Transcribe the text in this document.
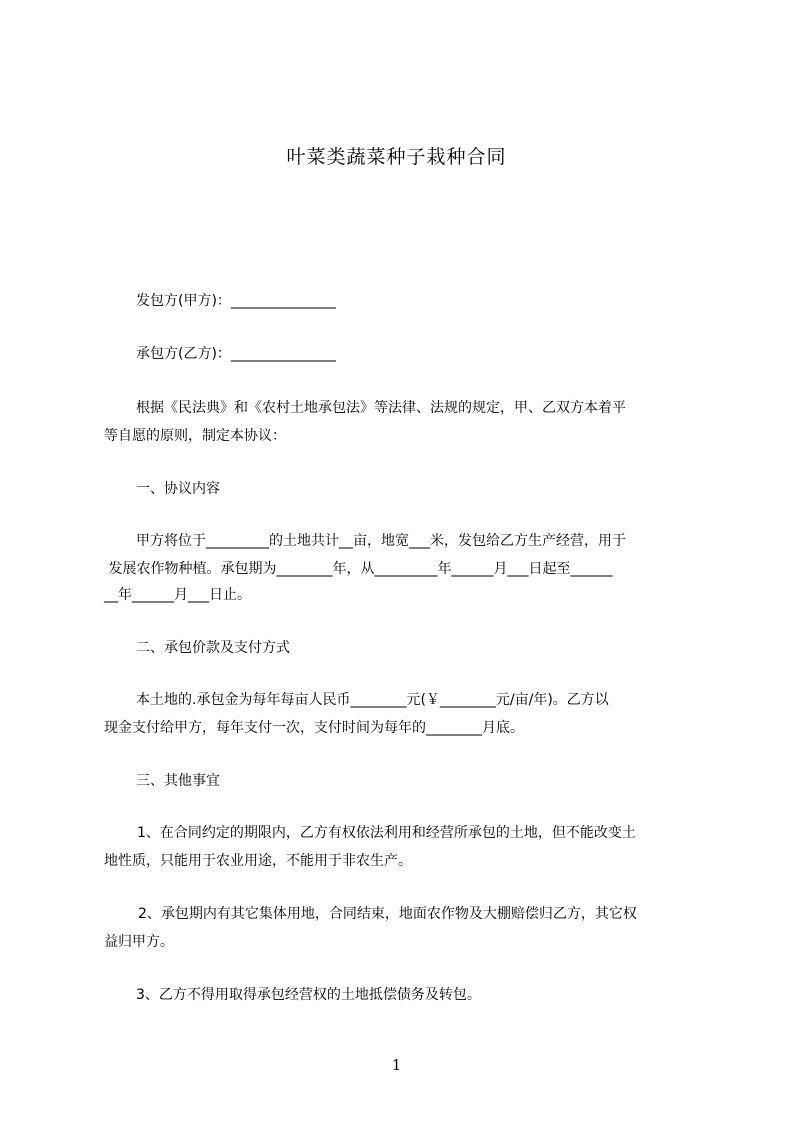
叶菜类蔬菜种子栽种合同
发包方(甲方)：_______________
承包方(乙方)：_______________
根据《民法典》和《农村土地承包法》等法律、法规的规定，甲、乙双方本着平
等自愿的原则，制定本协议：
一、协议内容
甲方将位于_________的土地共计__亩，地宽___米，发包给乙方生产经营，用于
发展农作物种植。承包期为________年，从_________年______月___日起至______
__年______月___日止。
二、承包价款及支付方式
本土地的.承包金为每年每亩人民币________元(￥________元/亩/年)。乙方以
现金支付给甲方，每年支付一次，支付时间为每年的________月底。
三、其他事宜
1、在合同约定的期限内，乙方有权依法利用和经营所承包的土地，但不能改变土
地性质，只能用于农业用途，不能用于非农生产。
2、承包期内有其它集体用地，合同结束，地面农作物及大棚赔偿归乙方，其它权
益归甲方。
3、乙方不得用取得承包经营权的土地抵偿债务及转包。
1
